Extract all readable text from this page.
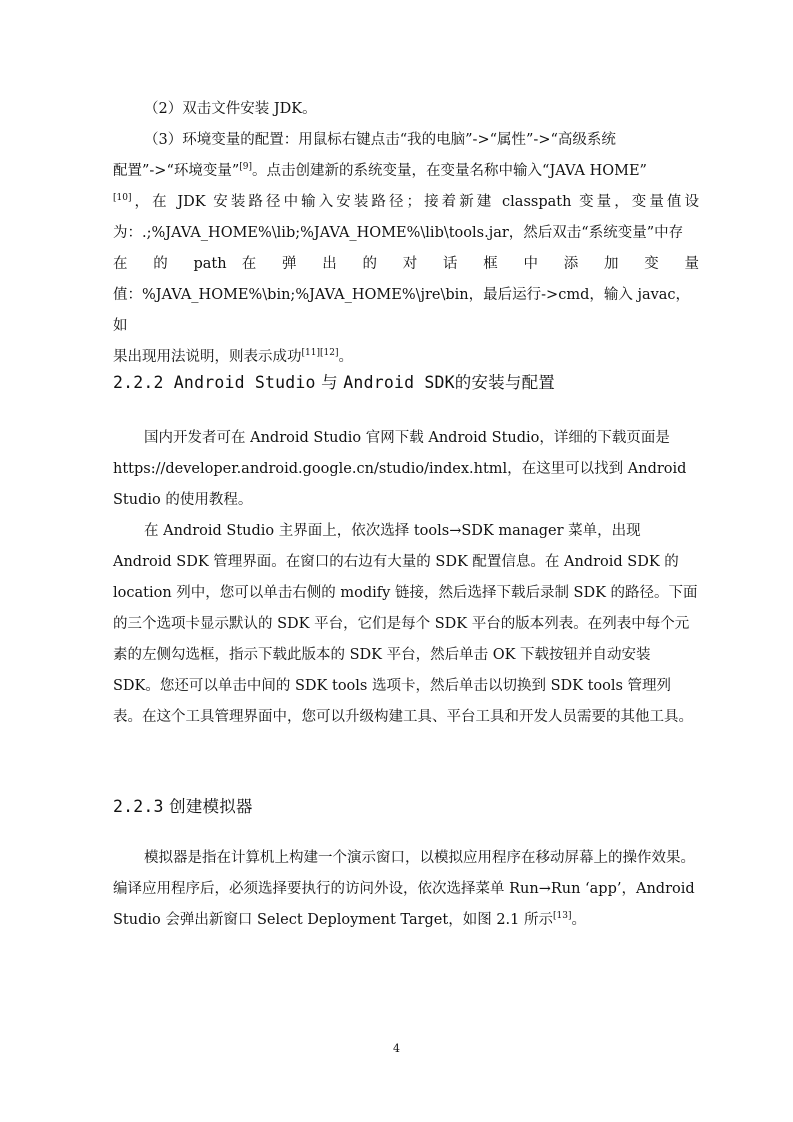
（2）双击文件安装 JDK。

（3）环境变量的配置：用鼠标右键点击“我的电脑”->“属性”->“高级系统
配置”->“环境变量”[9]。点击创建新的系统变量，在变量名称中输入“JAVA HOME”
[10]，在 JDK 安装路径中输入安装路径；接着新建 classpath 变量，变量值设
为：.;%JAVA_HOME%\lib;%JAVA_HOME%\lib\tools.jar，然后双击“系统变量”中存
在 的 path 在 弹 出 的 对 话 框 中 添 加 变 量
值：%JAVA_HOME%\bin;%JAVA_HOME%\jre\bin，最后运行->cmd，输入 javac，如
果出现用法说明，则表示成功[11][12]。
2.2.2 Android Studio 与 Android SDK的安装与配置

国内开发者可在 Android Studio 官网下载 Android Studio，详细的下载页面是 https://developer.android.google.cn/studio/index.html，在这里可以找到 Android Studio 的使用教程。

在 Android Studio 主界面上，依次选择 tools→SDK manager 菜单，出现 Android SDK 管理界面。在窗口的右边有大量的 SDK 配置信息。在 Android SDK 的 location 列中，您可以单击右侧的 modify 链接，然后选择下载后录制 SDK 的路径。下面的三个选项卡显示默认的 SDK 平台，它们是每个 SDK 平台的版本列表。在列表中每个元素的左侧勾选框，指示下载此版本的 SDK 平台，然后单击 OK 下载按钮并自动安装 SDK。您还可以单击中间的 SDK tools 选项卡，然后单击以切换到 SDK tools 管理列表。在这个工具管理界面中，您可以升级构建工具、平台工具和开发人员需要的其他工具。

2.2.3 创建模拟器

模拟器是指在计算机上构建一个演示窗口，以模拟应用程序在移动屏幕上的操作效果。编译应用程序后，必须选择要执行的访问外设，依次选择菜单 Run→Run ‘app’，Android Studio 会弹出新窗口 Select Deployment Target，如图 2.1 所示[13]。

4
